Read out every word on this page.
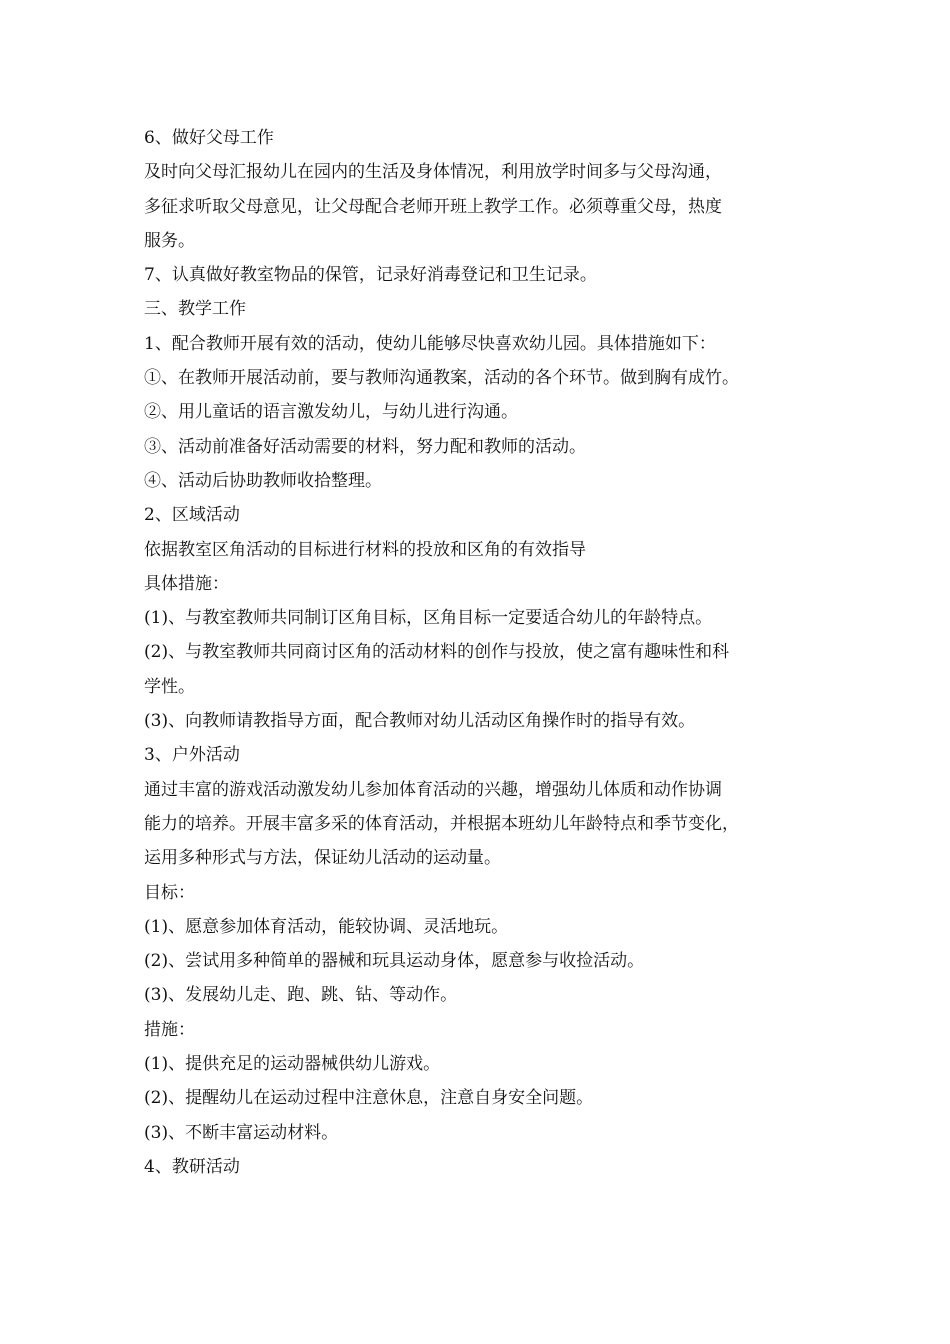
6、做好父母工作

及时向父母汇报幼儿在园内的生活及身体情况，利用放学时间多与父母沟通，

多征求听取父母意见，让父母配合老师开班上教学工作。必须尊重父母，热度

服务。

7、认真做好教室物品的保管，记录好消毒登记和卫生记录。

三、教学工作

1、配合教师开展有效的活动，使幼儿能够尽快喜欢幼儿园。具体措施如下：

①、在教师开展活动前，要与教师沟通教案，活动的各个环节。做到胸有成竹。

②、用儿童话的语言激发幼儿，与幼儿进行沟通。

③、活动前准备好活动需要的材料，努力配和教师的活动。

④、活动后协助教师收拾整理。

2、区域活动

依据教室区角活动的目标进行材料的投放和区角的有效指导

具体措施：

(1)、与教室教师共同制订区角目标，区角目标一定要适合幼儿的年龄特点。

(2)、与教室教师共同商讨区角的活动材料的创作与投放，使之富有趣味性和科

学性。

(3)、向教师请教指导方面，配合教师对幼儿活动区角操作时的指导有效。

3、户外活动

通过丰富的游戏活动激发幼儿参加体育活动的兴趣，增强幼儿体质和动作协调

能力的培养。开展丰富多采的体育活动，并根据本班幼儿年龄特点和季节变化，

运用多种形式与方法，保证幼儿活动的运动量。

目标：

(1)、愿意参加体育活动，能较协调、灵活地玩。

(2)、尝试用多种简单的器械和玩具运动身体，愿意参与收捡活动。

(3)、发展幼儿走、跑、跳、钻、等动作。

措施：

(1)、提供充足的运动器械供幼儿游戏。

(2)、提醒幼儿在运动过程中注意休息，注意自身安全问题。

(3)、不断丰富运动材料。

4、教研活动
